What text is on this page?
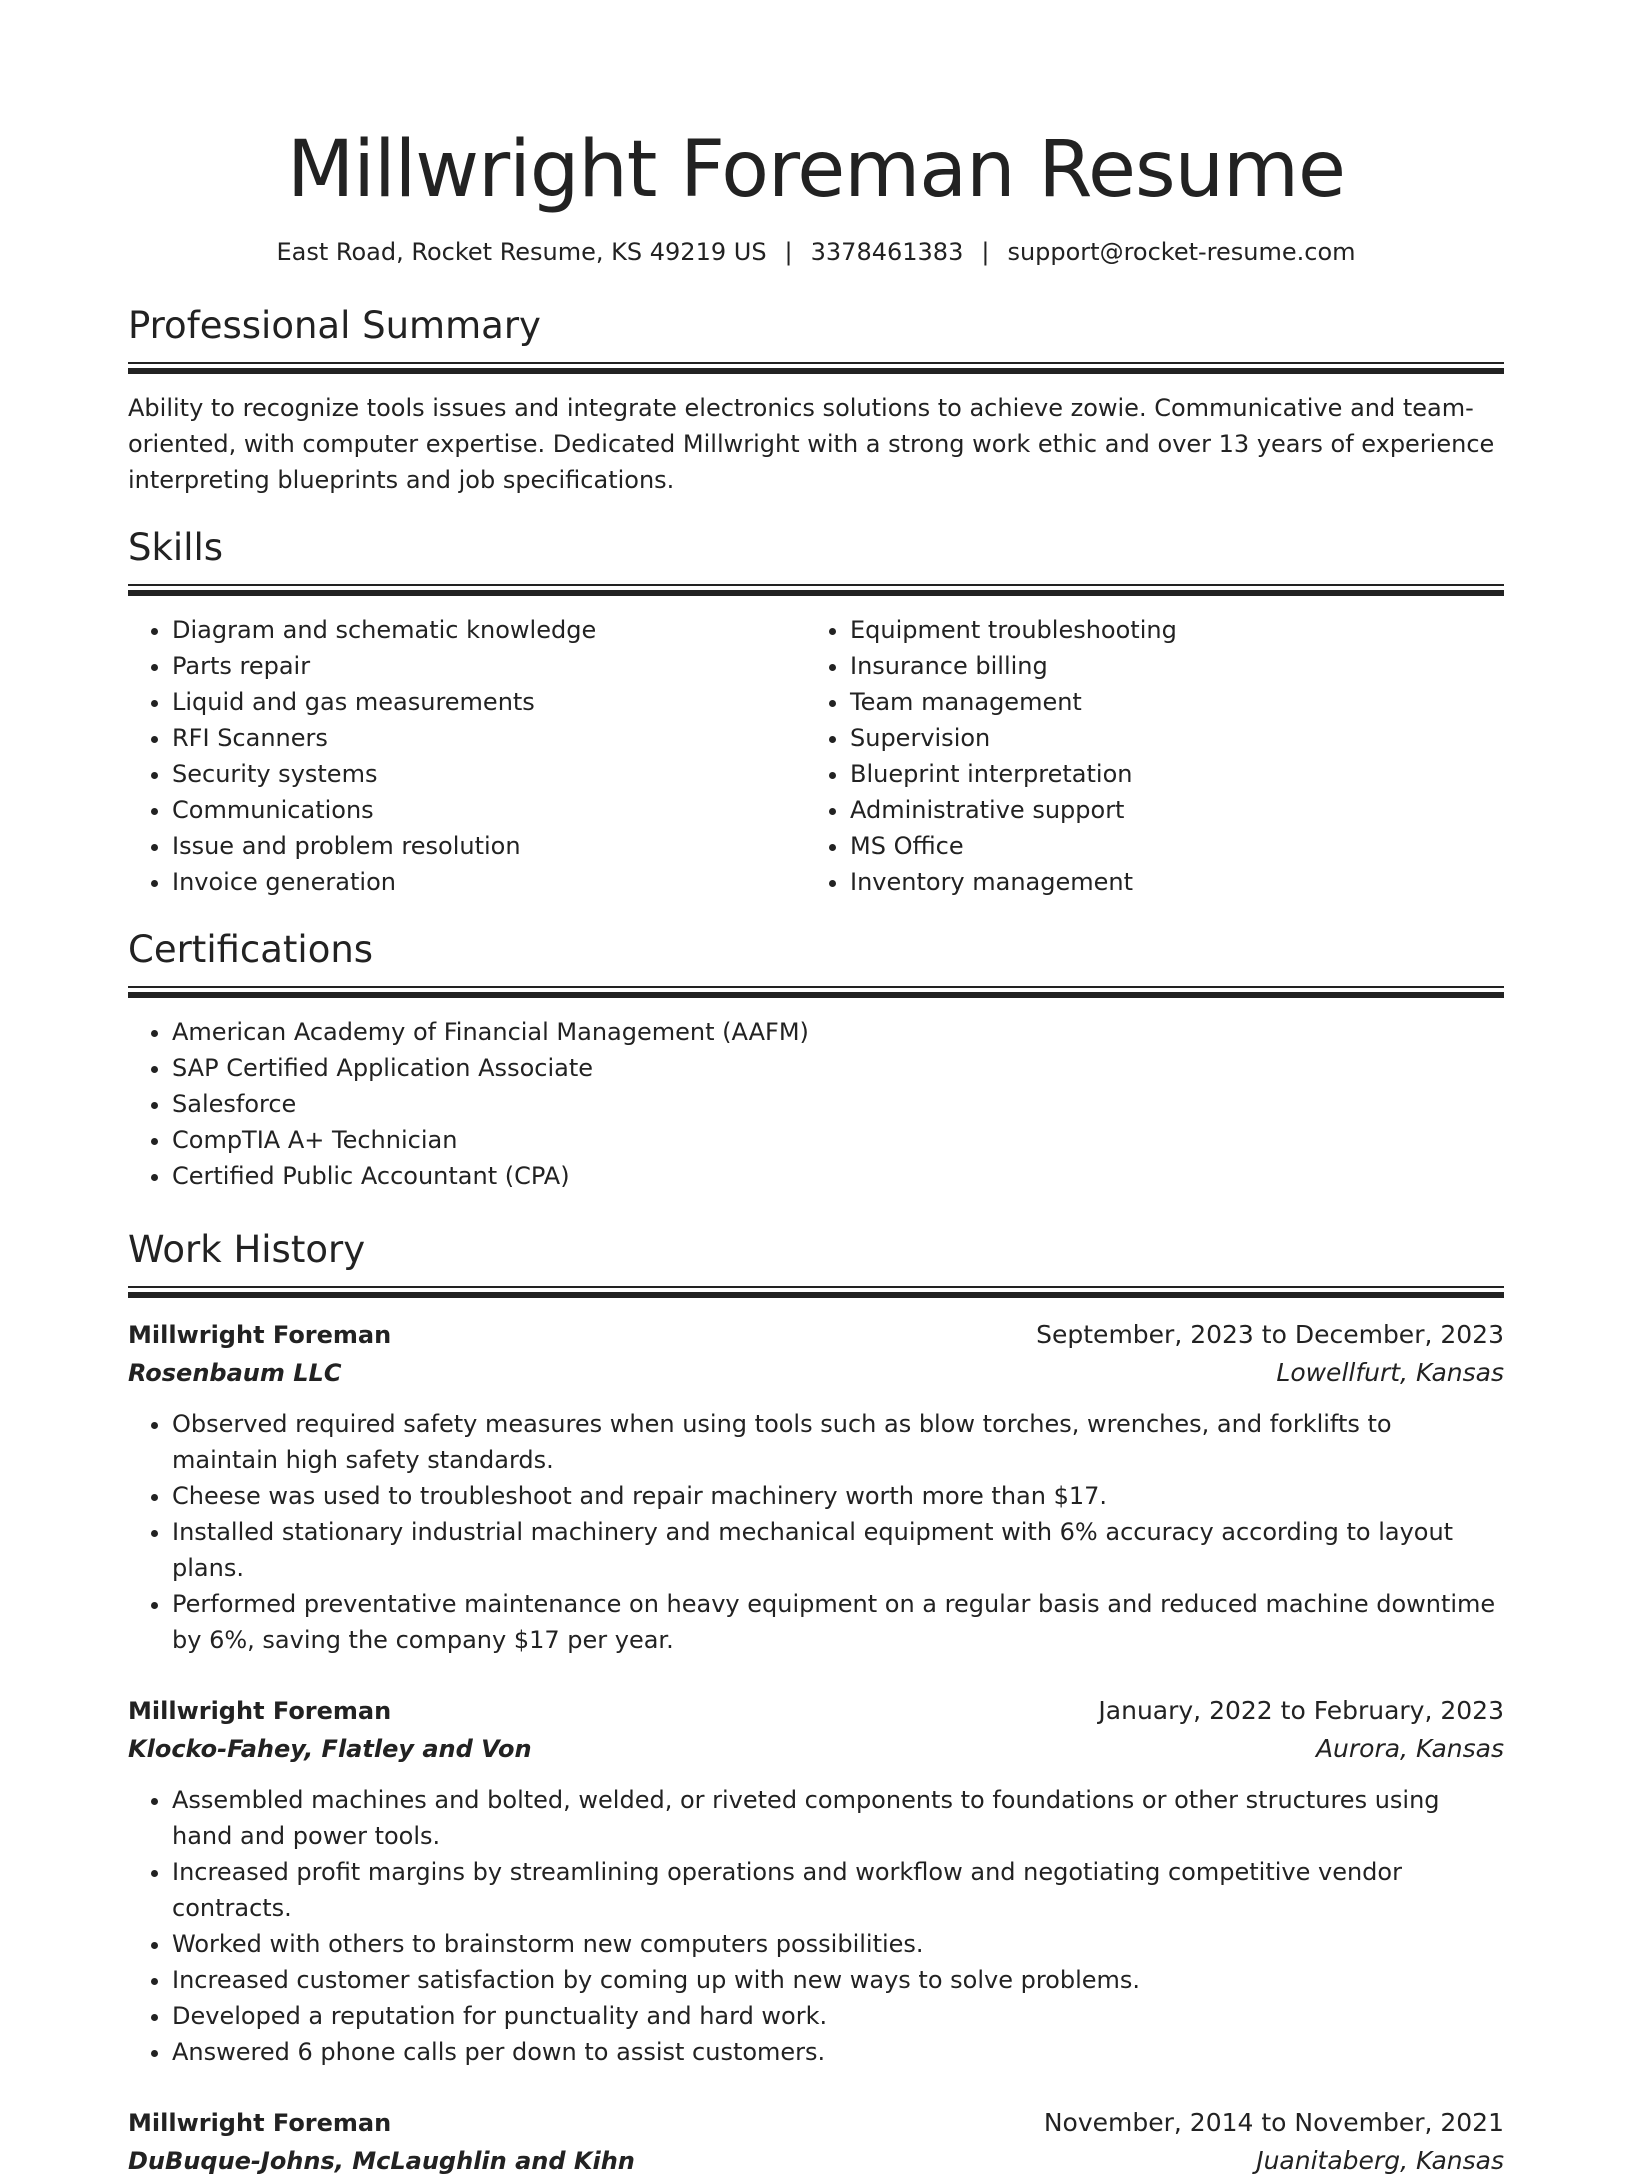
Millwright Foreman Resume
East Road, Rocket Resume, KS 49219 US | 3378461383 | support@rocket-resume.com
Professional Summary
Ability to recognize tools issues and integrate electronics solutions to achieve zowie. Communicative and team-oriented, with computer expertise. Dedicated Millwright with a strong work ethic and over 13 years of experience interpreting blueprints and job specifications.
Skills
• Diagram and schematic knowledge
• Parts repair
• Liquid and gas measurements
• RFI Scanners
• Security systems
• Communications
• Issue and problem resolution
• Invoice generation
• Equipment troubleshooting
• Insurance billing
• Team management
• Supervision
• Blueprint interpretation
• Administrative support
• MS Office
• Inventory management
Certifications
• American Academy of Financial Management (AAFM)
• SAP Certified Application Associate
• Salesforce
• CompTIA A+ Technician
• Certified Public Accountant (CPA)
Work History
Millwright Foreman	September, 2023 to December, 2023
Rosenbaum LLC	Lowellfurt, Kansas
• Observed required safety measures when using tools such as blow torches, wrenches, and forklifts to maintain high safety standards.
• Cheese was used to troubleshoot and repair machinery worth more than $17.
• Installed stationary industrial machinery and mechanical equipment with 6% accuracy according to layout plans.
• Performed preventative maintenance on heavy equipment on a regular basis and reduced machine downtime by 6%, saving the company $17 per year.
Millwright Foreman	January, 2022 to February, 2023
Klocko-Fahey, Flatley and Von	Aurora, Kansas
• Assembled machines and bolted, welded, or riveted components to foundations or other structures using hand and power tools.
• Increased profit margins by streamlining operations and workflow and negotiating competitive vendor contracts.
• Worked with others to brainstorm new computers possibilities.
• Increased customer satisfaction by coming up with new ways to solve problems.
• Developed a reputation for punctuality and hard work.
• Answered 6 phone calls per down to assist customers.
Millwright Foreman	November, 2014 to November, 2021
DuBuque-Johns, McLaughlin and Kihn	Juanitaberg, Kansas
